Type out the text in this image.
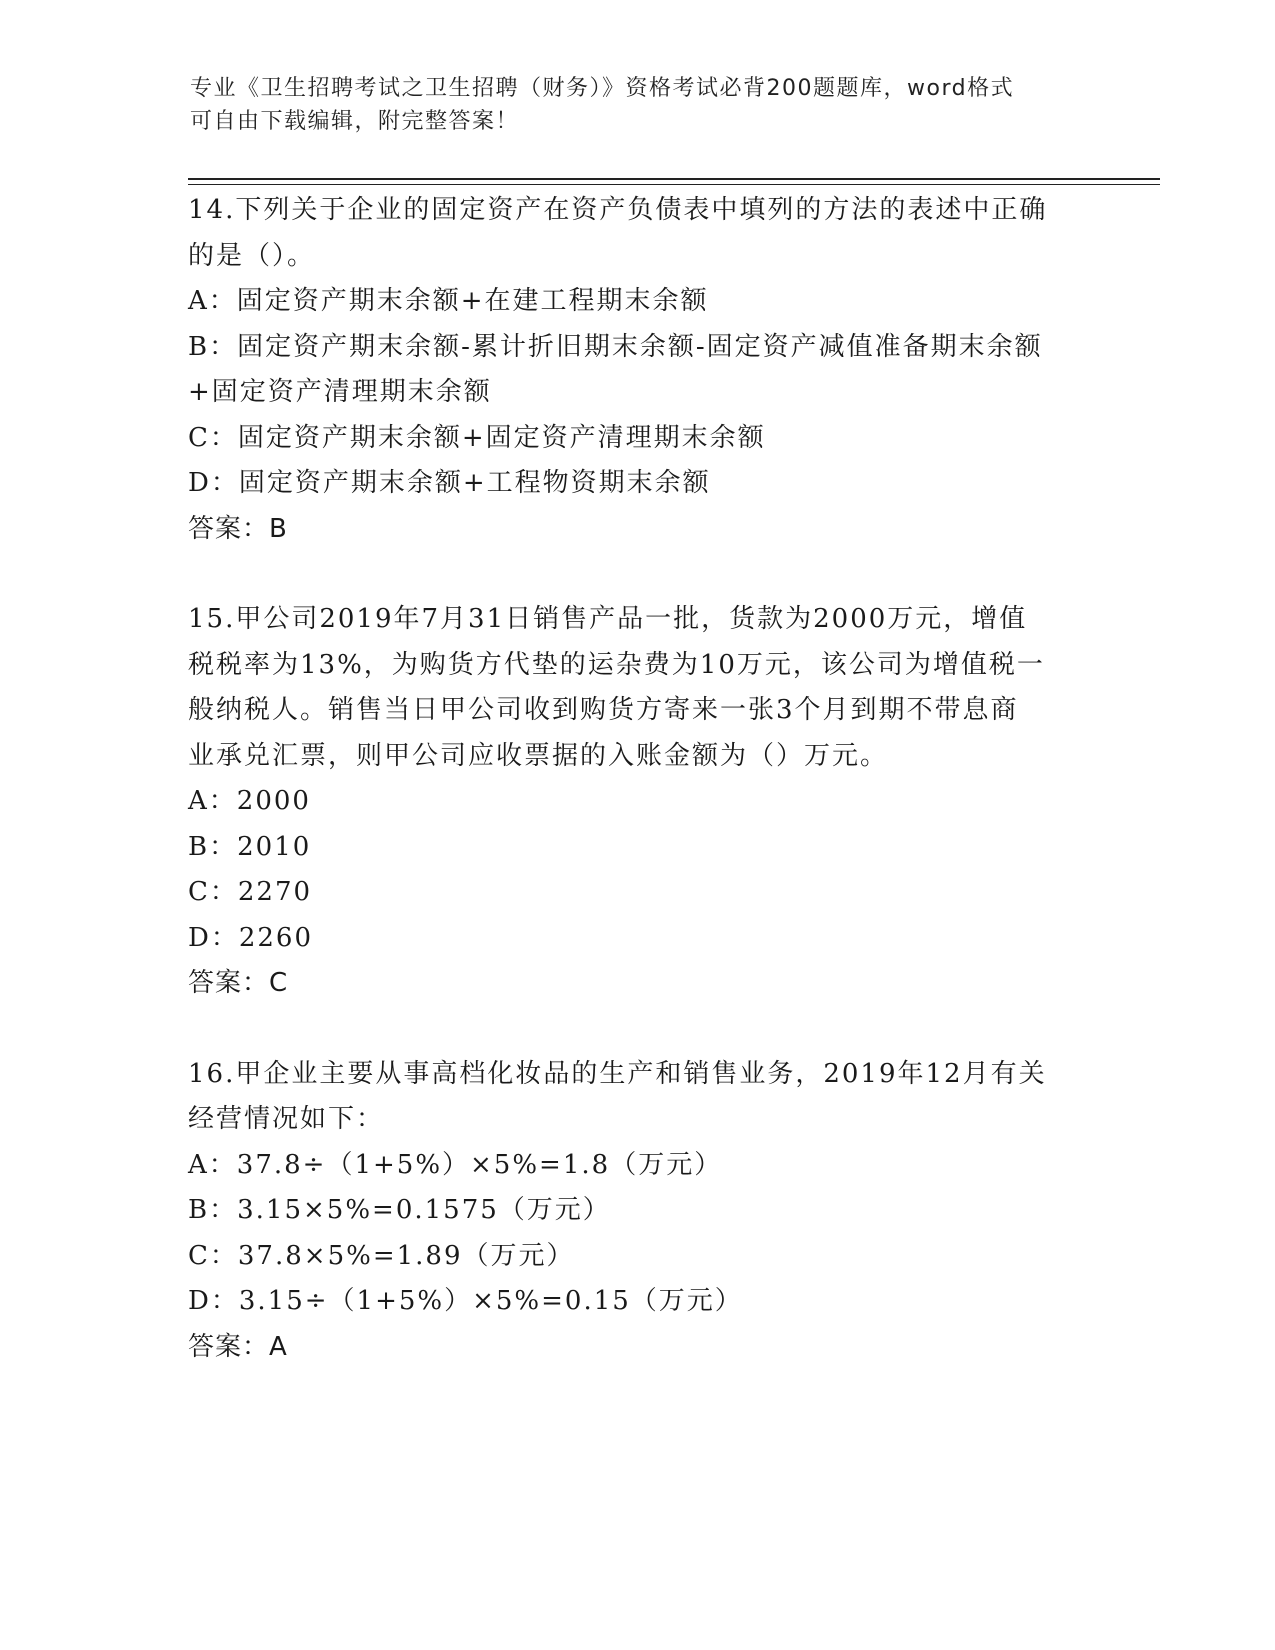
专业《卫生招聘考试之卫生招聘（财务）》资格考试必背200题题库，word格式
可自由下载编辑，附完整答案！
14.下列关于企业的固定资产在资产负债表中填列的方法的表述中正确
的是（）。
A：固定资产期末余额+在建工程期末余额
B：固定资产期末余额-累计折旧期末余额-固定资产减值准备期末余额
+固定资产清理期末余额
C：固定资产期末余额+固定资产清理期末余额
D：固定资产期末余额+工程物资期末余额
答案：B
15.甲公司2019年7月31日销售产品一批，货款为2000万元，增值
税税率为13%，为购货方代垫的运杂费为10万元，该公司为增值税一
般纳税人。销售当日甲公司收到购货方寄来一张3个月到期不带息商
业承兑汇票，则甲公司应收票据的入账金额为（）万元。
A：2000
B：2010
C：2270
D：2260
答案：C
16.甲企业主要从事高档化妆品的生产和销售业务，2019年12月有关
经营情况如下：
A：37.8÷（1+5%）×5%=1.8（万元）
B：3.15×5%=0.1575（万元）
C：37.8×5%=1.89（万元）
D：3.15÷（1+5%）×5%=0.15（万元）
答案：A
